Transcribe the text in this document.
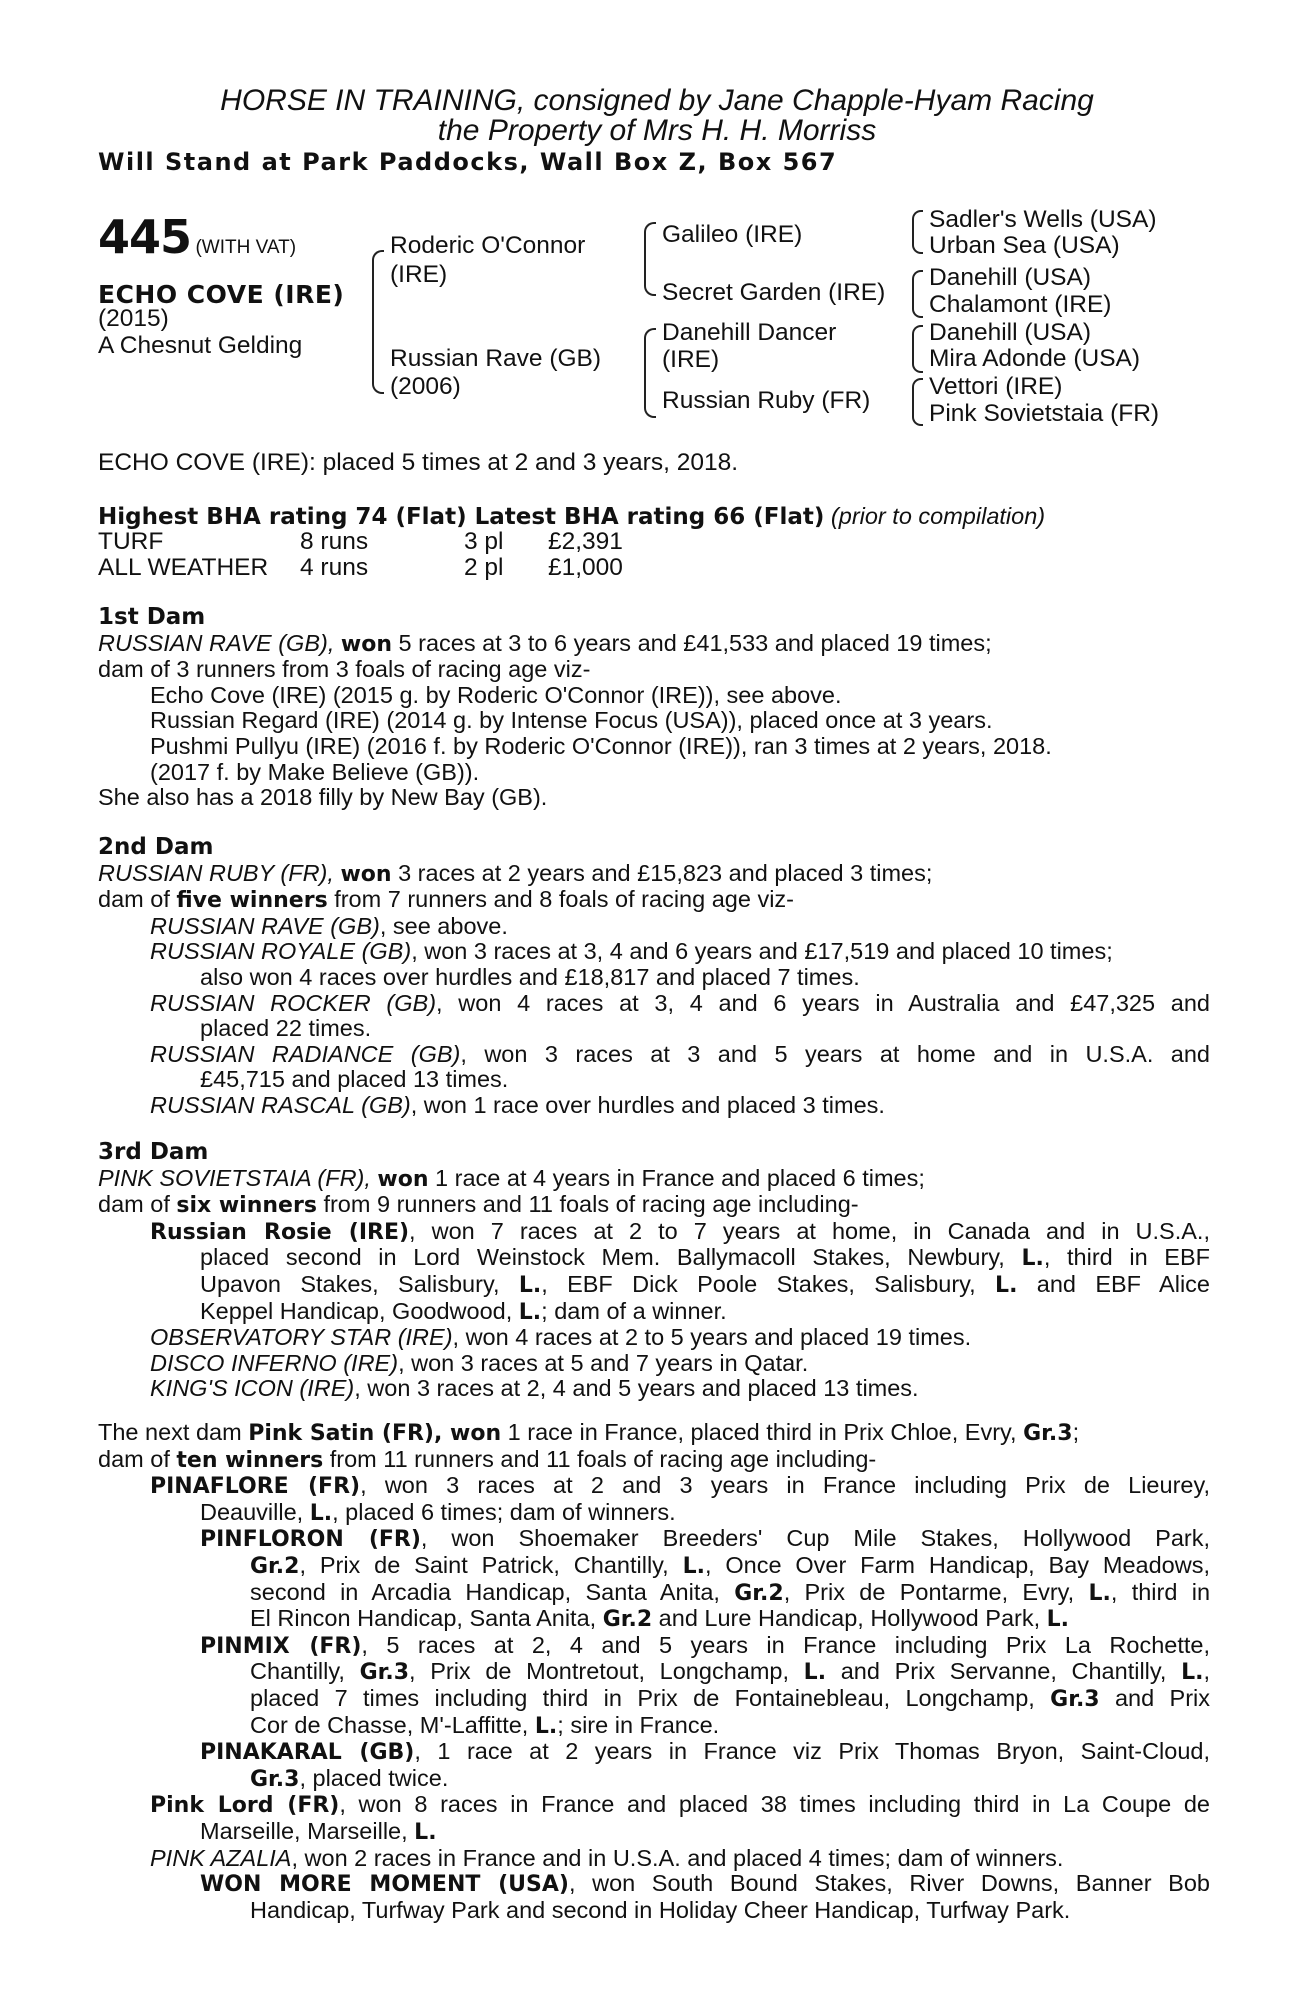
HORSE IN TRAINING, consigned by Jane Chapple-Hyam Racing
the Property of Mrs H. H. Morriss
Will Stand at Park Paddocks, Wall Box Z, Box 567
445 (WITH VAT)
ECHO COVE (IRE)
(2015)
A Chesnut Gelding
Roderic O'Connor
(IRE)
Russian Rave (GB)
(2006)
Galileo (IRE)
Secret Garden (IRE)
Danehill Dancer
(IRE)
Russian Ruby (FR)
Sadler's Wells (USA)
Urban Sea (USA)
Danehill (USA)
Chalamont (IRE)
Danehill (USA)
Mira Adonde (USA)
Vettori (IRE)
Pink Sovietstaia (FR)
ECHO COVE (IRE): placed 5 times at 2 and 3 years, 2018.
Highest BHA rating 74 (Flat) Latest BHA rating 66 (Flat) (prior to compilation)
TURF	8 runs	3 pl £2,391
ALL WEATHER 4 runs	2 pl £1,000
1st Dam
RUSSIAN RAVE (GB), won 5 races at 3 to 6 years and £41,533 and placed 19 times;
dam of 3 runners from 3 foals of racing age viz-
Echo Cove (IRE) (2015 g. by Roderic O'Connor (IRE)), see above.
Russian Regard (IRE) (2014 g. by Intense Focus (USA)), placed once at 3 years.
Pushmi Pullyu (IRE) (2016 f. by Roderic O'Connor (IRE)), ran 3 times at 2 years, 2018.
(2017 f. by Make Believe (GB)).
She also has a 2018 filly by New Bay (GB).
2nd Dam
RUSSIAN RUBY (FR), won 3 races at 2 years and £15,823 and placed 3 times;
dam of five winners from 7 runners and 8 foals of racing age viz-
RUSSIAN RAVE (GB), see above.
RUSSIAN ROYALE (GB), won 3 races at 3, 4 and 6 years and £17,519 and placed 10 times;
also won 4 races over hurdles and £18,817 and placed 7 times.
RUSSIAN ROCKER (GB), won 4 races at 3, 4 and 6 years in Australia and £47,325 and
placed 22 times.
RUSSIAN RADIANCE (GB), won 3 races at 3 and 5 years at home and in U.S.A. and
£45,715 and placed 13 times.
RUSSIAN RASCAL (GB), won 1 race over hurdles and placed 3 times.
3rd Dam
PINK SOVIETSTAIA (FR), won 1 race at 4 years in France and placed 6 times;
dam of six winners from 9 runners and 11 foals of racing age including-
Russian Rosie (IRE), won 7 races at 2 to 7 years at home, in Canada and in U.S.A.,
placed second in Lord Weinstock Mem. Ballymacoll Stakes, Newbury, L., third in EBF
Upavon Stakes, Salisbury, L., EBF Dick Poole Stakes, Salisbury, L. and EBF Alice
Keppel Handicap, Goodwood, L.; dam of a winner.
OBSERVATORY STAR (IRE), won 4 races at 2 to 5 years and placed 19 times.
DISCO INFERNO (IRE), won 3 races at 5 and 7 years in Qatar.
KING'S ICON (IRE), won 3 races at 2, 4 and 5 years and placed 13 times.
The next dam Pink Satin (FR), won 1 race in France, placed third in Prix Chloe, Evry, Gr.3;
dam of ten winners from 11 runners and 11 foals of racing age including-
PINAFLORE (FR), won 3 races at 2 and 3 years in France including Prix de Lieurey,
Deauville, L., placed 6 times; dam of winners.
PINFLORON (FR), won Shoemaker Breeders' Cup Mile Stakes, Hollywood Park,
Gr.2, Prix de Saint Patrick, Chantilly, L., Once Over Farm Handicap, Bay Meadows,
second in Arcadia Handicap, Santa Anita, Gr.2, Prix de Pontarme, Evry, L., third in
El Rincon Handicap, Santa Anita, Gr.2 and Lure Handicap, Hollywood Park, L.
PINMIX (FR), 5 races at 2, 4 and 5 years in France including Prix La Rochette,
Chantilly, Gr.3, Prix de Montretout, Longchamp, L. and Prix Servanne, Chantilly, L.,
placed 7 times including third in Prix de Fontainebleau, Longchamp, Gr.3 and Prix
Cor de Chasse, M'-Laffitte, L.; sire in France.
PINAKARAL (GB), 1 race at 2 years in France viz Prix Thomas Bryon, Saint-Cloud,
Gr.3, placed twice.
Pink Lord (FR), won 8 races in France and placed 38 times including third in La Coupe de
Marseille, Marseille, L.
PINK AZALIA, won 2 races in France and in U.S.A. and placed 4 times; dam of winners.
WON MORE MOMENT (USA), won South Bound Stakes, River Downs, Banner Bob
Handicap, Turfway Park and second in Holiday Cheer Handicap, Turfway Park.
